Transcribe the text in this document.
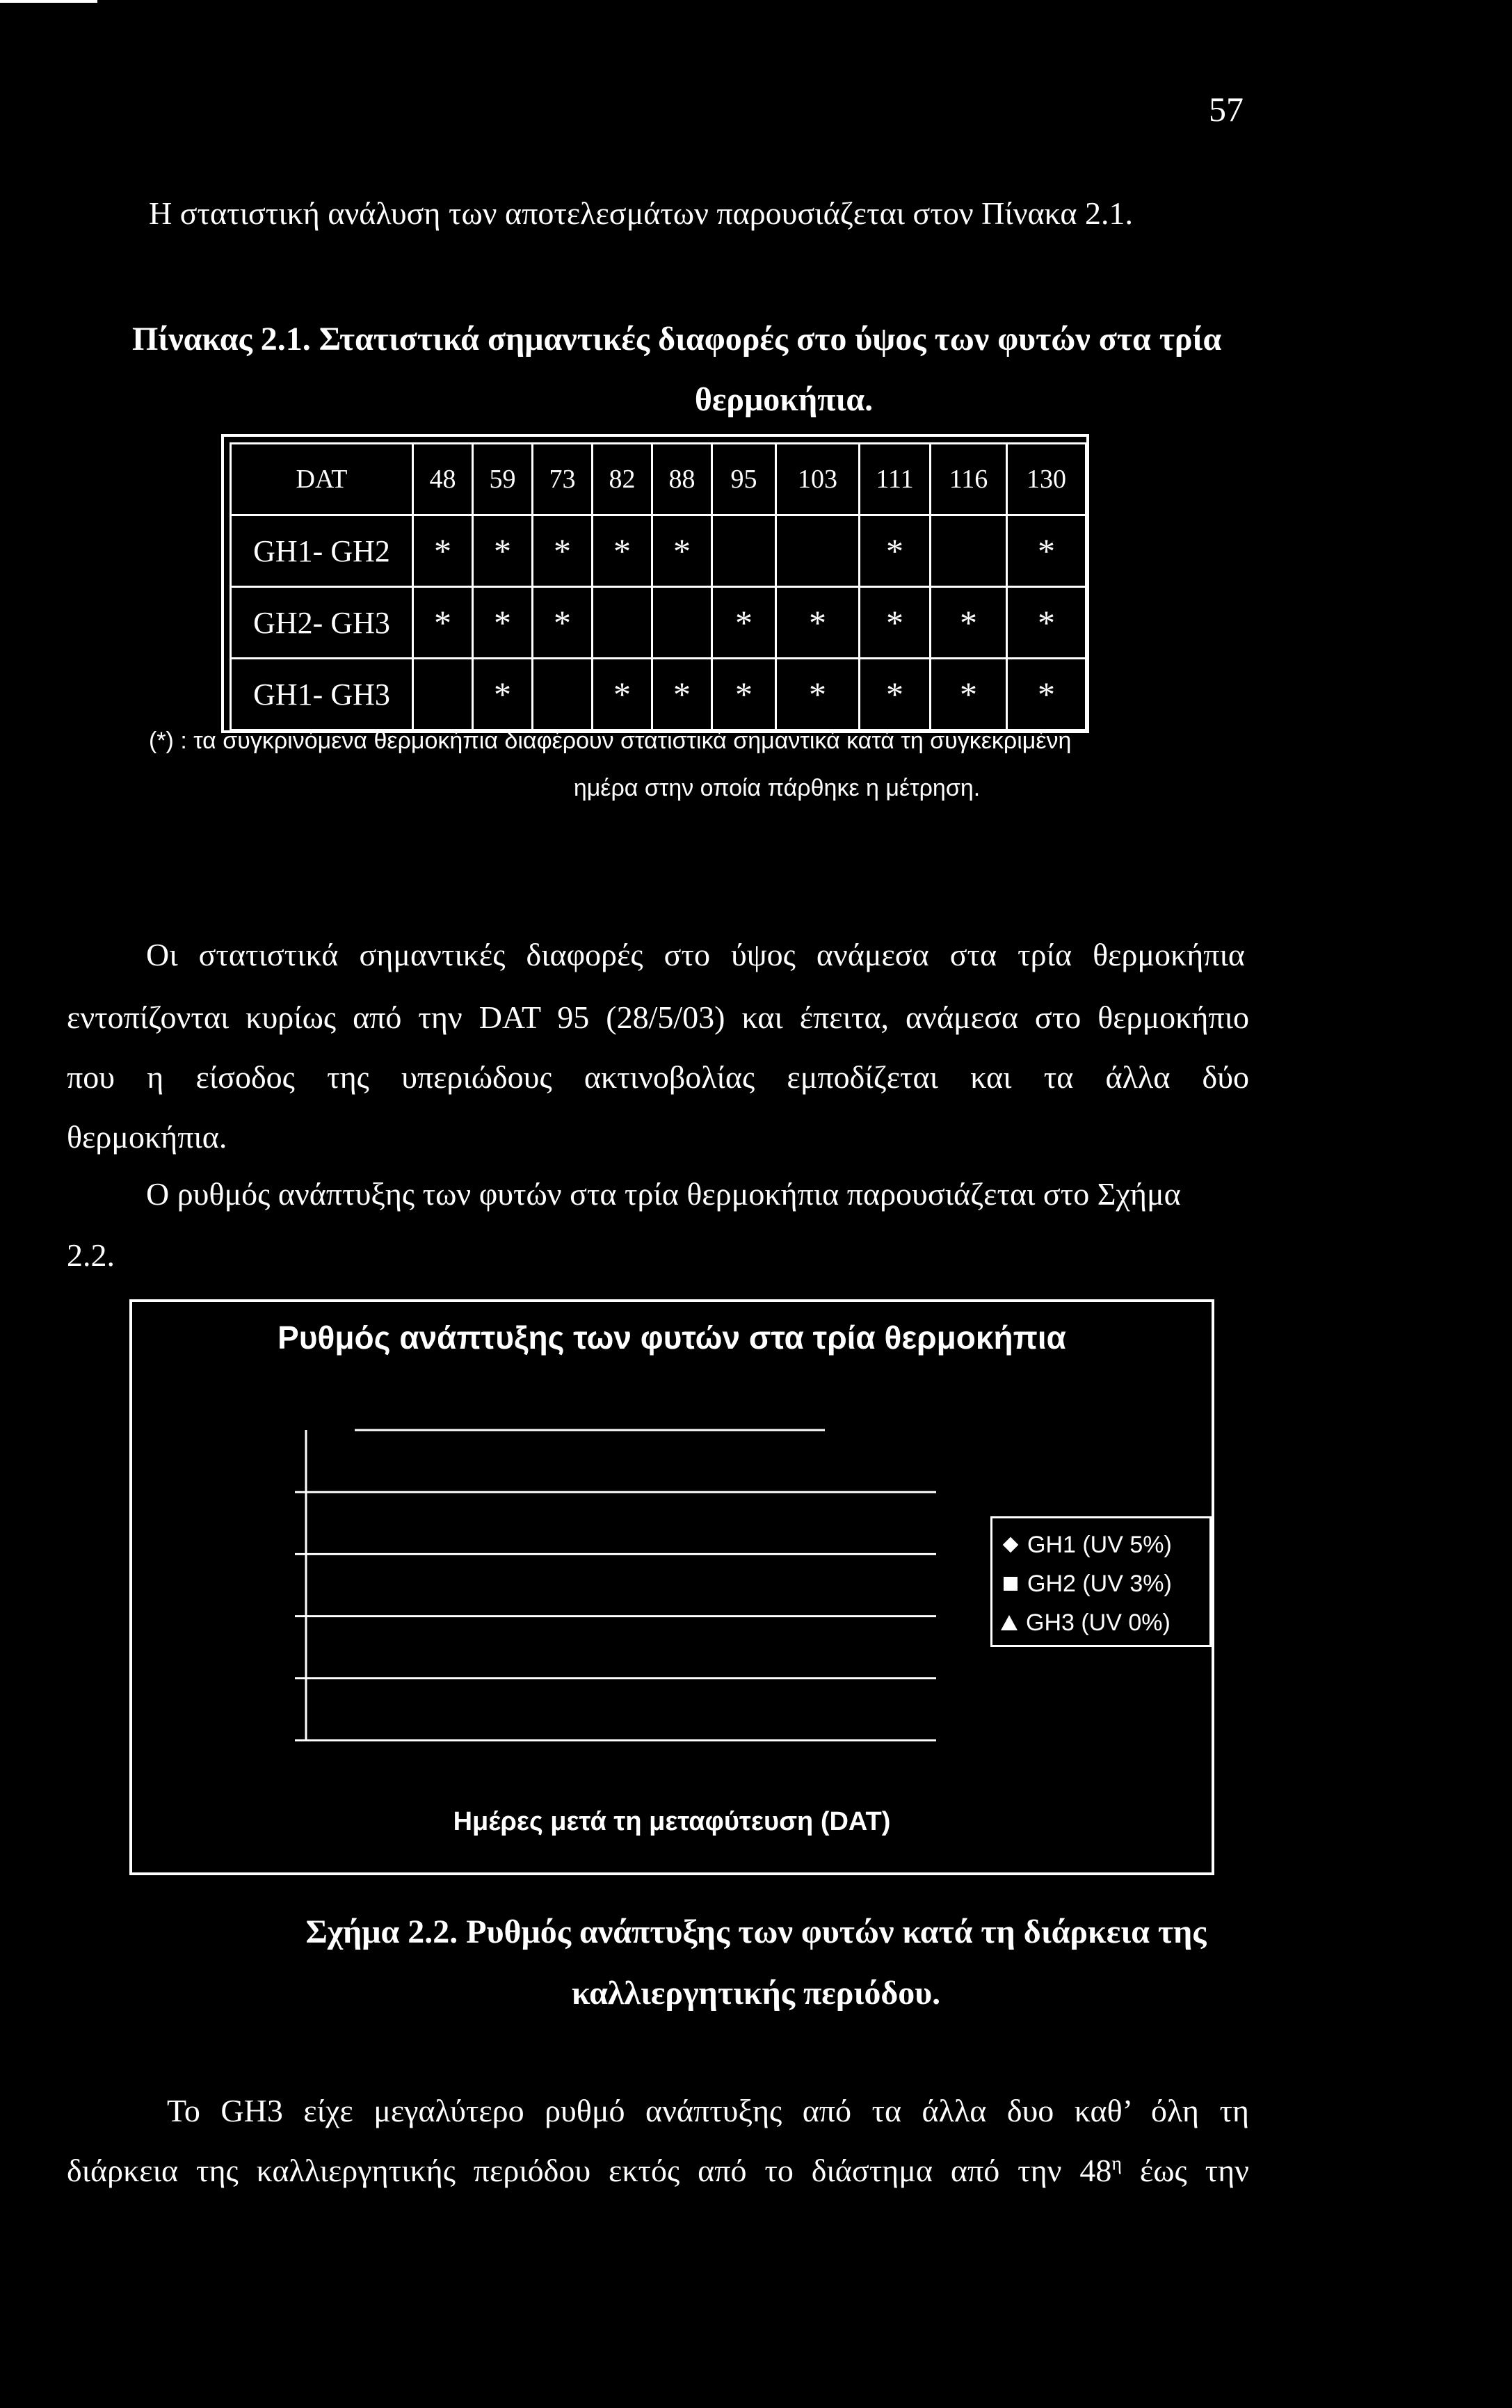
57
Η στατιστική ανάλυση των αποτελεσμάτων παρουσιάζεται στον Πίνακα 2.1.
Πίνακας 2.1. Στατιστικά σημαντικές διαφορές στο ύψος των φυτών στα τρία
θερμοκήπια.
DAT	48	59	73	82	88	95	103	111	116	130
GH1- GH2	*	*	*	*	*			*		*
GH2- GH3	*	*	*			*	*	*	*	*
GH1- GH3		*		*	*	*	*	*	*	*
(*) : τα συγκρινόμενα θερμοκήπια διαφέρουν στατιστικά σημαντικά κατά τη συγκεκριμένη
ημέρα στην οποία πάρθηκε η μέτρηση.
Οι στατιστικά σημαντικές διαφορές στο ύψος ανάμεσα στα τρία θερμοκήπια
εντοπίζονται κυρίως από την DAT 95 (28/5/03) και έπειτα, ανάμεσα στο θερμοκήπιο
που η είσοδος της υπεριώδους ακτινοβολίας εμποδίζεται και τα άλλα δύο
θερμοκήπια.
Ο ρυθμός ανάπτυξης των φυτών στα τρία θερμοκήπια παρουσιάζεται στο Σχήμα
2.2.
Ρυθμός ανάπτυξης των φυτών στα τρία θερμοκήπια
GH1 (UV 5%)
GH2 (UV 3%)
GH3 (UV 0%)
Ημέρες μετά τη μεταφύτευση (DAT)
Σχήμα 2.2. Ρυθμός ανάπτυξης των φυτών κατά τη διάρκεια της
καλλιεργητικής περιόδου.
Το GH3 είχε μεγαλύτερο ρυθμό ανάπτυξης από τα άλλα δυο καθ’ όλη τη
διάρκεια της καλλιεργητικής περιόδου εκτός από το διάστημα από την $48^\eta$ έως την
